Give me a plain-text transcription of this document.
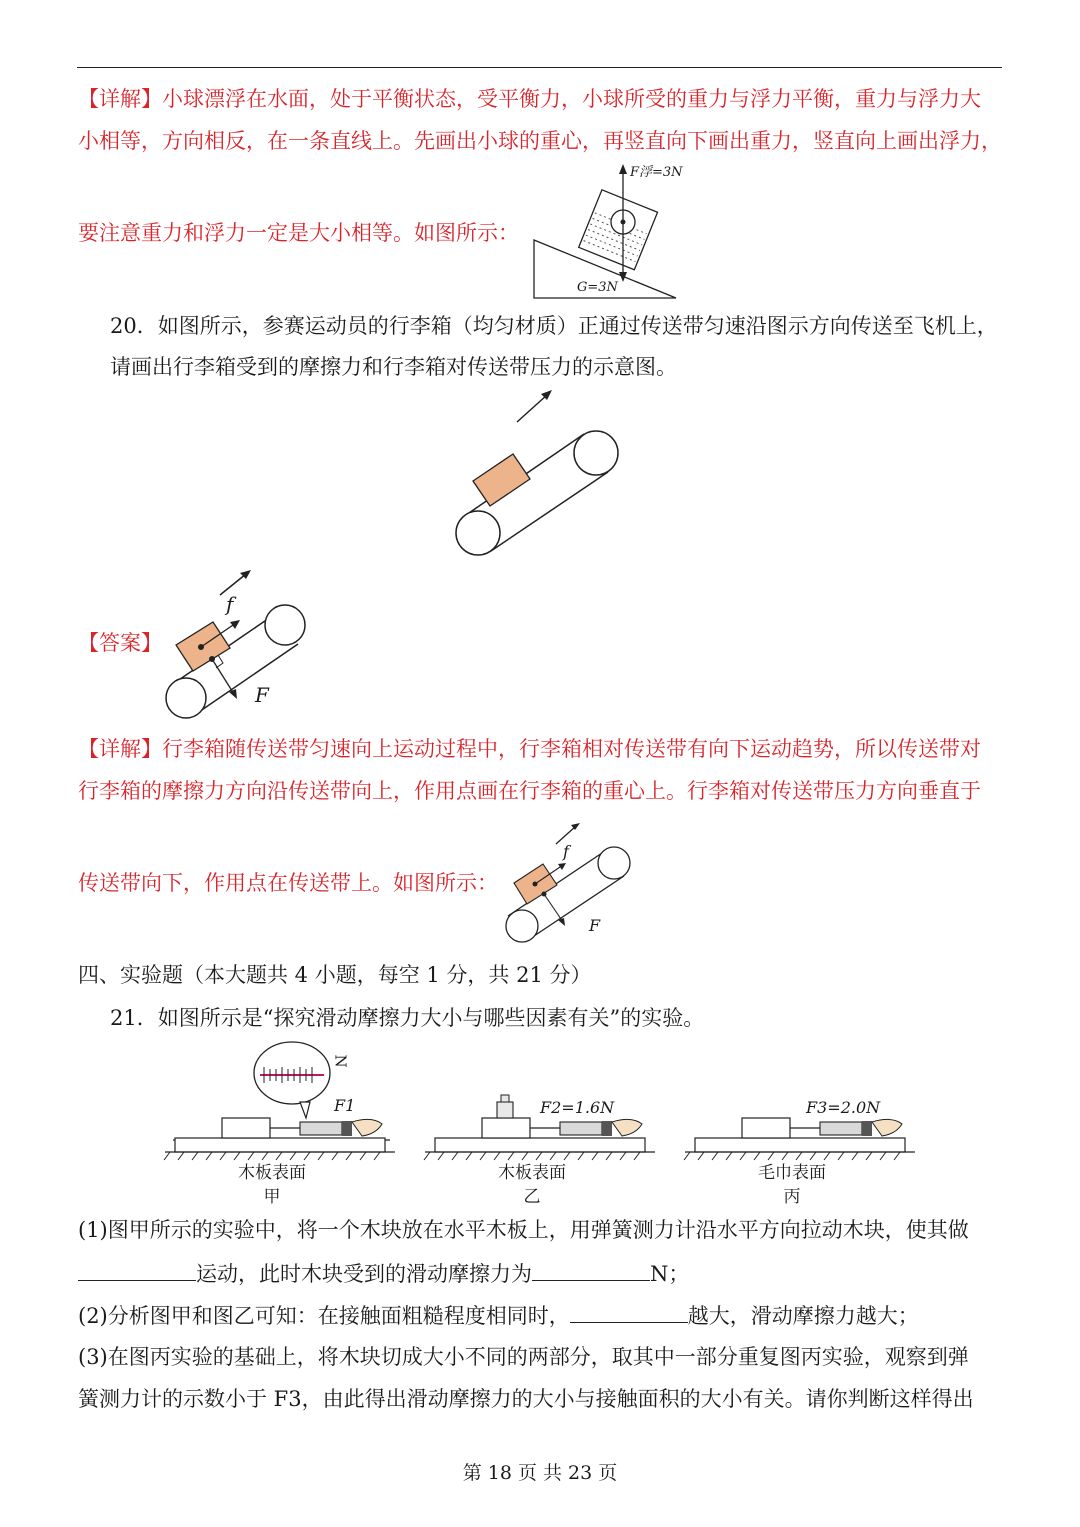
【详解】小球漂浮在水面，处于平衡状态，受平衡力，小球所受的重力与浮力平衡，重力与浮力大
小相等，方向相反，在一条直线上。先画出小球的重心，再竖直向下画出重力，竖直向上画出浮力，
要注意重力和浮力一定是大小相等。如图所示：
F浮=3N
G=3N
20．如图所示，参赛运动员的行李箱（均匀材质）正通过传送带匀速沿图示方向传送至飞机上，
请画出行李箱受到的摩擦力和行李箱对传送带压力的示意图。
【答案】
f
F
【详解】行李箱随传送带匀速向上运动过程中，行李箱相对传送带有向下运动趋势，所以传送带对
行李箱的摩擦力方向沿传送带向上，作用点画在行李箱的重心上。行李箱对传送带压力方向垂直于
传送带向下，作用点在传送带上。如图所示：
f
F
四、实验题（本大题共 4 小题，每空 1 分，共 21 分）
21．如图所示是“探究滑动摩擦力大小与哪些因素有关”的实验。
N
F1	F2=1.6N	F3=2.0N
木板表面
甲
木板表面
乙
毛巾表面
丙
(1)图甲所示的实验中，将一个木块放在水平木板上，用弹簧测力计沿水平方向拉动木块，使其做
运动，此时木块受到的滑动摩擦力为	N；
(2)分析图甲和图乙可知：在接触面粗糙程度相同时，	越大，滑动摩擦力越大；
(3)在图丙实验的基础上，将木块切成大小不同的两部分，取其中一部分重复图丙实验，观察到弹
簧测力计的示数小于 F3，由此得出滑动摩擦力的大小与接触面积的大小有关。请你判断这样得出
第 18 页 共 23 页
